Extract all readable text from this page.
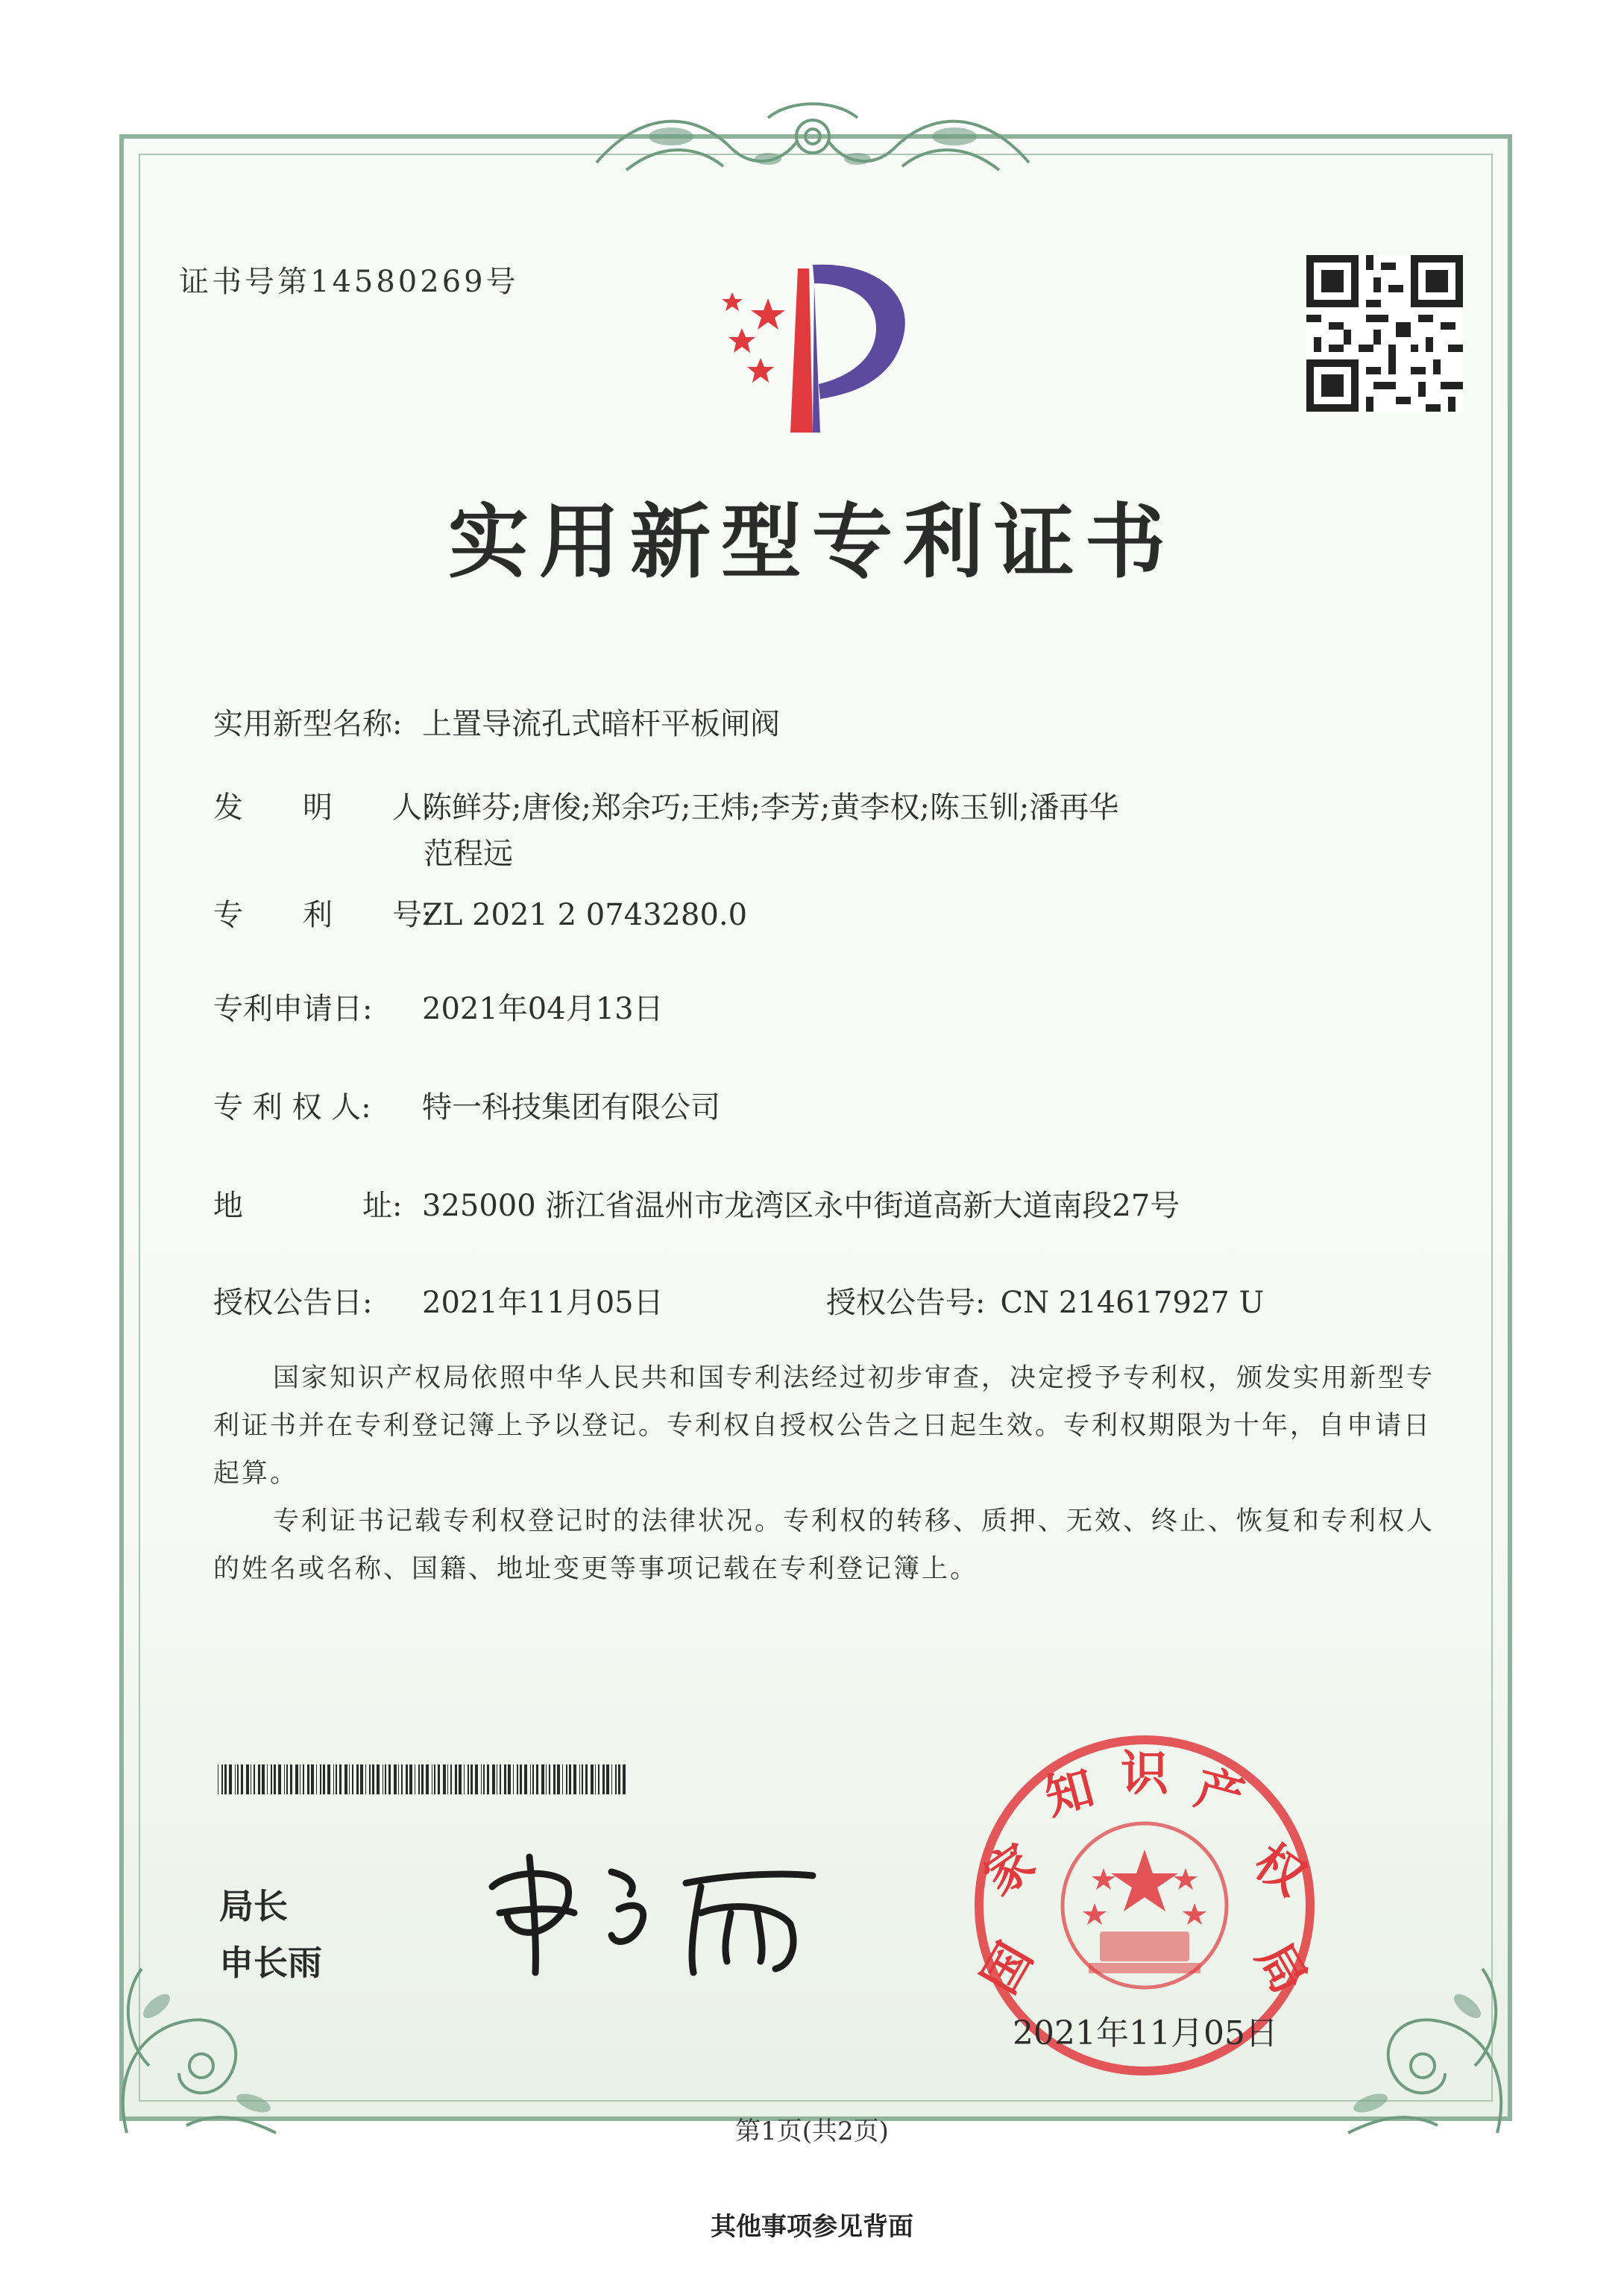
证书号第14580269号
实用新型专利证书
实用新型名称: 上置导流孔式暗杆平板闸阀
发　　明　　人:陈鲜芬;唐俊;郑余巧;王炜;李芳;黄李权;陈玉钏;潘再华
范程远
专　　利　　号:ZL 2021 2 0743280.0
专利申请日: 2021年04月13日
专 利 权 人: 特一科技集团有限公司
地　　　　址: 325000 浙江省温州市龙湾区永中街道高新大道南段27号
授权公告日: 2021年11月05日	授权公告号: CN 214617927 U
国家知识产权局依照中华人民共和国专利法经过初步审查，决定授予专利权，颁发实用新型专利证书并在专利登记簿上予以登记。专利权自授权公告之日起生效。专利权期限为十年，自申请日起算。
专利证书记载专利权登记时的法律状况。专利权的转移、质押、无效、终止、恢复和专利权人的姓名或名称、国籍、地址变更等事项记载在专利登记簿上。
局长
申长雨	国
家
知 识 产
权
局
2021年11月05日
第1页(共2页)
其他事项参见背面
